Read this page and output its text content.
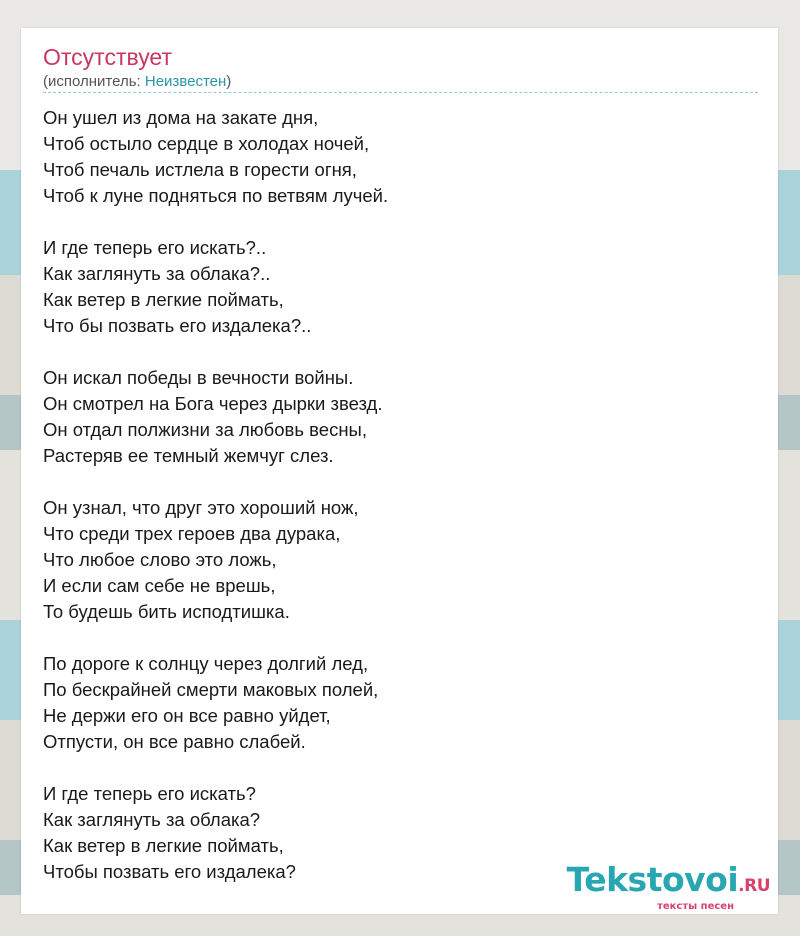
Отсутствует
(исполнитель: Неизвестен)
Он ушел из дома на закате дня,
Чтоб остыло сердце в холодах ночей,
Чтоб печаль истлела в горести огня,
Чтоб к луне подняться по ветвям лучей.
И где теперь его искать?..
Как заглянуть за облака?..
Как ветер в легкие поймать,
Что бы позвать его издалека?..
Он искал победы в вечности войны.
Он смотрел на Бога через дырки звезд.
Он отдал полжизни за любовь весны,
Растеряв ее темный жемчуг слез.
Он узнал, что друг это хороший нож,
Что среди трех героев два дурака,
Что любое слово это ложь,
И если сам себе не врешь,
То будешь бить исподтишка.
По дороге к солнцу через долгий лед,
По бескрайней смерти маковых полей,
Не держи его он все равно уйдет,
Отпусти, он все равно слабей.
И где теперь его искать?
Как заглянуть за облака?
Как ветер в легкие поймать,
Чтобы позвать его издалека?	Tekstovoi.RU
тексты песен
